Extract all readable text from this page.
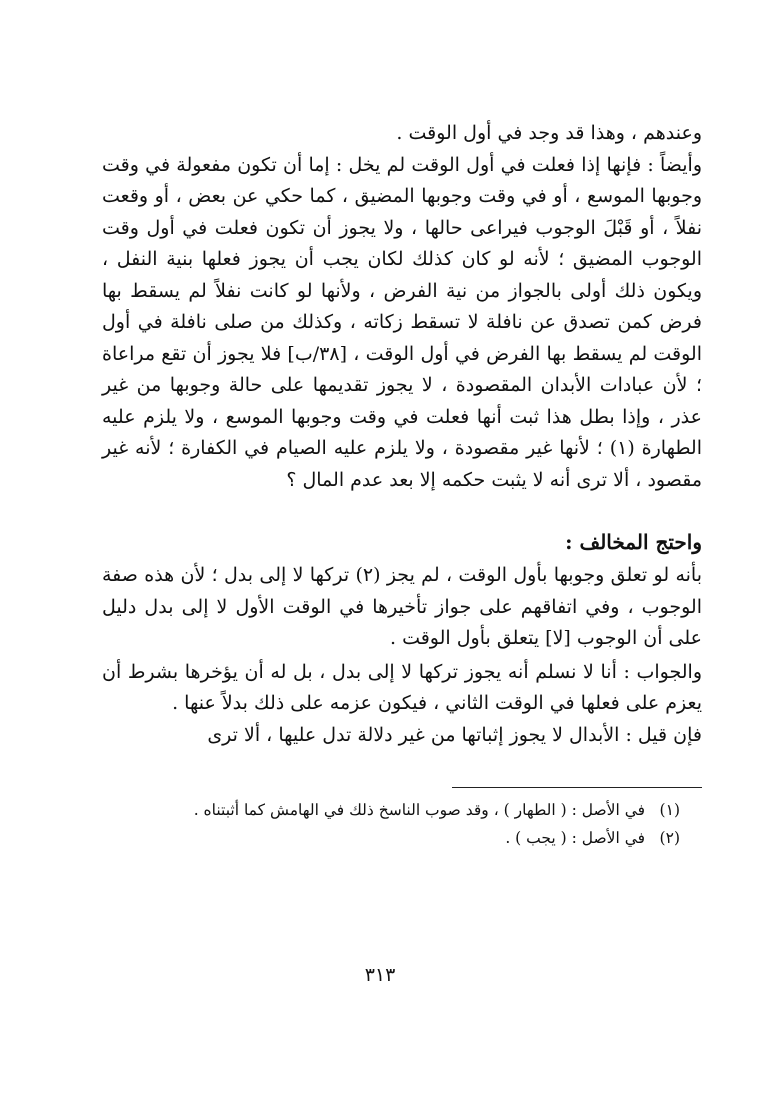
وعندهم ، وهذا قد وجد في أول الوقت .

وأيضاً : فإنها إذا فعلت في أول الوقت لم يخل : إما أن تكون مفعولة في وقت وجوبها الموسع ، أو في وقت وجوبها المضيق ، كما حكي عن بعض ، أو وقعت نفلاً ، أو قَبْلَ الوجوب فيراعى حالها ، ولا يجوز أن تكون فعلت في أول وقت الوجوب المضيق ؛ لأنه لو كان كذلك لكان يجب أن يجوز فعلها بنية النفل ، ويكون ذلك أولى بالجواز من نية الفرض ، ولأنها لو كانت نفلاً لم يسقط بها فرض كمن تصدق عن نافلة لا تسقط زكاته ، وكذلك من صلى نافلة في أول الوقت لم يسقط بها الفرض في أول الوقت ، [٣٨/ب] فلا يجوز أن تقع مراعاة ؛ لأن عبادات الأبدان المقصودة ، لا يجوز تقديمها على حالة وجوبها من غير عذر ، وإذا بطل هذا ثبت أنها فعلت في وقت وجوبها الموسع ، ولا يلزم عليه الطهارة (١) ؛ لأنها غير مقصودة ، ولا يلزم عليه الصيام في الكفارة ؛ لأنه غير مقصود ، ألا ترى أنه لا يثبت حكمه إلا بعد عدم المال ؟

واحتج المخالف :

بأنه لو تعلق وجوبها بأول الوقت ، لم يجز (٢) تركها لا إلى بدل ؛ لأن هذه صفة الوجوب ، وفي اتفاقهم على جواز تأخيرها في الوقت الأول لا إلى بدل دليل على أن الوجوب [لا] يتعلق بأول الوقت .

والجواب : أنا لا نسلم أنه يجوز تركها لا إلى بدل ، بل له أن يؤخرها بشرط أن يعزم على فعلها في الوقت الثاني ، فيكون عزمه على ذلك بدلاً عنها .

فإن قيل : الأبدال لا يجوز إثباتها من غير دلالة تدل عليها ، ألا ترى

(١) في الأصل : ( الطهار ) ، وقد صوب الناسخ ذلك في الهامش كما أثبتناه .

(٢) في الأصل : ( يجب ) .

٣١٣
